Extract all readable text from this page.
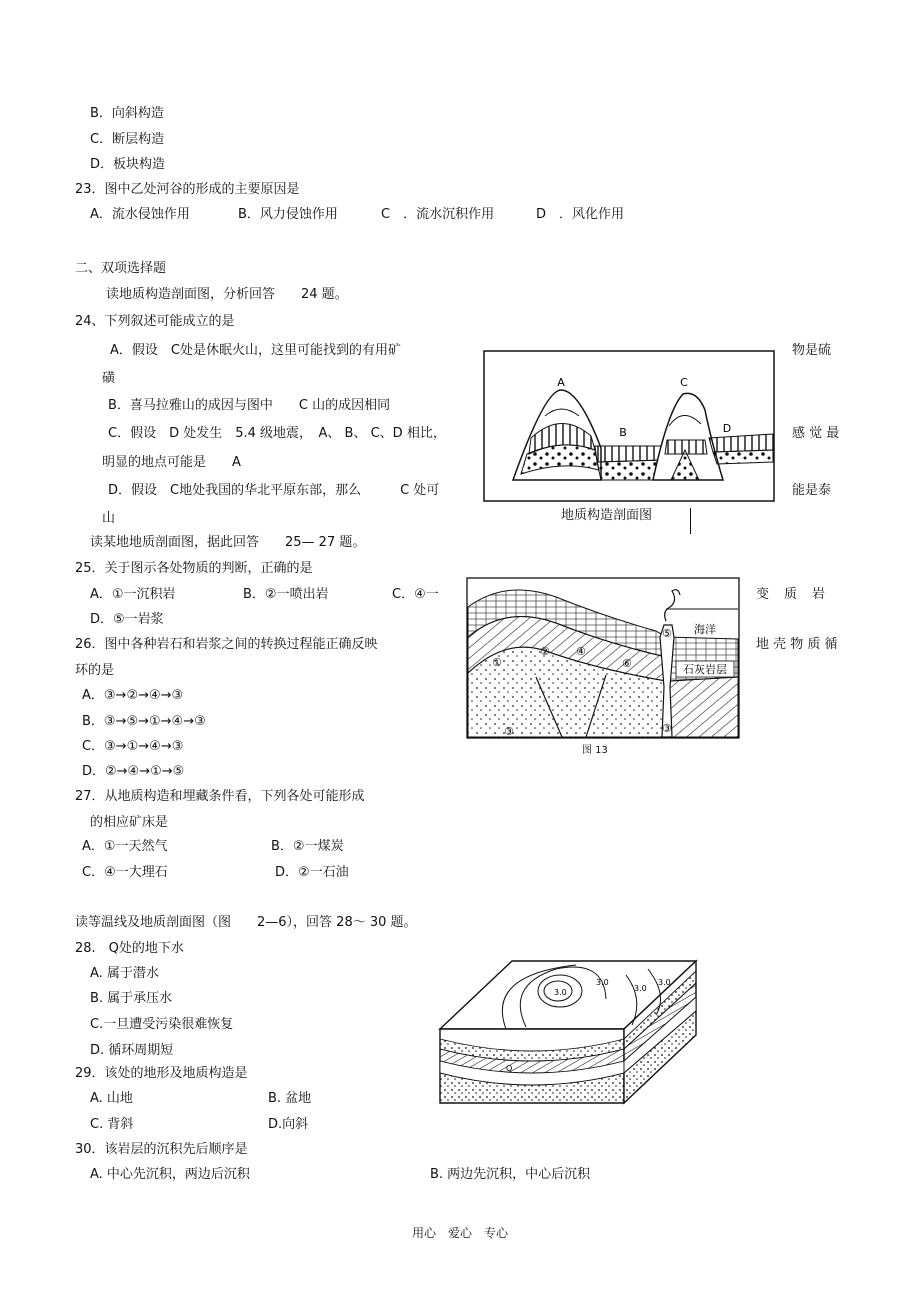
B．向斜构造
C．断层构造
D．板块构造
23．图中乙处河谷的形成的主要原因是
A．流水侵蚀作用	B．风力侵蚀作用	C　．流水沉积作用	D　．风化作用
二、双项选择题
读地质构造剖面图，分析回答　　24 题。
24、下列叙述可能成立的是
A．假设　C处是休眠火山，这里可能找到的有用矿	物是硫
磺
B．喜马拉雅山的成因与图中　　C 山的成因相同
C．假设　D 处发生　5.4 级地震，　A、 B、 C、D 相比，	感 觉 最
明显的地点可能是　　A
D．假设　C地处我国的华北平原东部，那么　　　C 处可	能是泰
山
A
B
C
D
地质构造剖面图
读某地地质剖面图，据此回答　　25— 27 题。
25．关于图示各处物质的判断，正确的是
A．①一沉积岩	B．②一喷出岩	C．④一	变　质　岩
D．⑤一岩浆
26．图中各种岩石和岩浆之间的转换过程能正确反映	地 壳 物 质 循
环的是
A．③→②→④→③
B．③→⑤→①→④→③
C．③→①→④→③
D．②→④→①→⑤
①
② ④
⑤
⑥
③	③
海洋
石灰岩层
图 13
27．从地质构造和埋藏条件看，下列各处可能形成
的相应矿床是
A．①一天然气	B．②一煤炭
C．④一大理石	D．②一石油
读等温线及地质剖面图（图　　2—6），回答 28～ 30 题。
28.　Q处的地下水
A. 属于潜水
B. 属于承压水
C.一旦遭受污染很难恢复
D. 循环周期短
3.0
3.0
3.0
3.0
Q
29．该处的地形及地质构造是
A. 山地	B. 盆地
C. 背斜	D.向斜
30．该岩层的沉积先后顺序是
A. 中心先沉积，两边后沉积	B. 两边先沉积，中心后沉积
用心　爱心　专心
